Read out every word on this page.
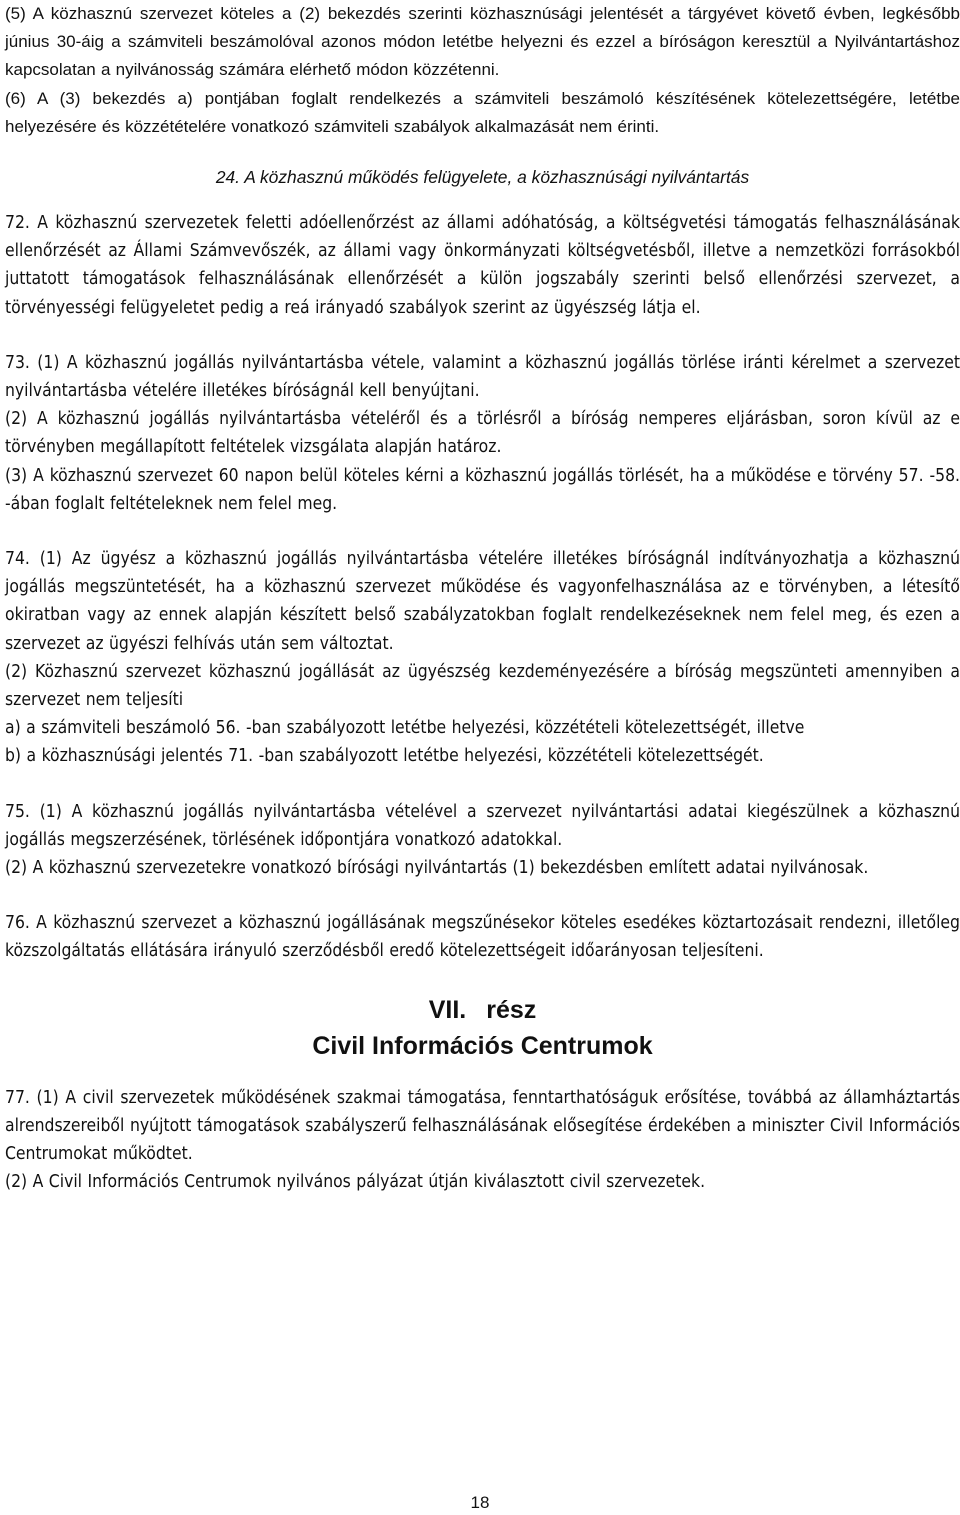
(5) A közhasznú szervezet köteles a (2) bekezdés szerinti közhasznúsági jelentését a tárgyévet követő évben, legkésőbb június 30-áig a számviteli beszámolóval azonos módon letétbe helyezni és ezzel a bíróságon keresztül a Nyilvántartáshoz kapcsolatan a nyilvánosság számára elérhető módon közzétenni.

(6) A (3) bekezdés a) pontjában foglalt rendelkezés a számviteli beszámoló készítésének kötelezettségére, letétbe helyezésére és közzétételére vonatkozó számviteli szabályok alkalmazását nem érinti.

24. A közhasznú működés felügyelete, a közhasznúsági nyilvántartás

72. A közhasznú szervezetek feletti adóellenőrzést az állami adóhatóság, a költségvetési támogatás felhasználásának ellenőrzését az Állami Számvevőszék, az állami vagy önkormányzati költségvetésből, illetve a nemzetközi forrásokból juttatott támogatások felhasználásának ellenőrzését a külön jogszabály szerinti belső ellenőrzési szervezet, a törvényességi felügyeletet pedig a reá irányadó szabályok szerint az ügyészség látja el.

73. (1) A közhasznú jogállás nyilvántartásba vétele, valamint a közhasznú jogállás törlése iránti kérelmet a szervezet nyilvántartásba vételére illetékes bíróságnál kell benyújtani.

(2) A közhasznú jogállás nyilvántartásba vételéről és a törlésről a bíróság nemperes eljárásban, soron kívül az e törvényben megállapított feltételek vizsgálata alapján határoz.

(3) A közhasznú szervezet 60 napon belül köteles kérni a közhasznú jogállás törlését, ha a működése e törvény 57. -58. -ában foglalt feltételeknek nem felel meg.

74. (1) Az ügyész a közhasznú jogállás nyilvántartásba vételére illetékes bíróságnál indítványozhatja a közhasznú jogállás megszüntetését, ha a közhasznú szervezet működése és vagyonfelhasználása az e törvényben, a létesítő okiratban vagy az ennek alapján készített belső szabályzatokban foglalt rendelkezéseknek nem felel meg, és ezen a szervezet az ügyészi felhívás után sem változtat.

(2) Közhasznú szervezet közhasznú jogállását az ügyészség kezdeményezésére a bíróság megszünteti amennyiben a szervezet nem teljesíti

a) a számviteli beszámoló 56. -ban szabályozott letétbe helyezési, közzétételi kötelezettségét, illetve

b) a közhasznúsági jelentés 71. -ban szabályozott letétbe helyezési, közzétételi kötelezettségét.

75. (1) A közhasznú jogállás nyilvántartásba vételével a szervezet nyilvántartási adatai kiegészülnek a közhasznú jogállás megszerzésének, törlésének időpontjára vonatkozó adatokkal.

(2) A közhasznú szervezetekre vonatkozó bírósági nyilvántartás (1) bekezdésben említett adatai nyilvánosak.

76. A közhasznú szervezet a közhasznú jogállásának megszűnésekor köteles esedékes köztartozásait rendezni, illetőleg közszolgáltatás ellátására irányuló szerződésből eredő kötelezettségeit időarányosan teljesíteni.

VII. rész
Civil Információs Centrumok

77. (1) A civil szervezetek működésének szakmai támogatása, fenntarthatóságuk erősítése, továbbá az államháztartás alrendszereiből nyújtott támogatások szabályszerű felhasználásának elősegítése érdekében a miniszter Civil Információs Centrumokat működtet.

(2) A Civil Információs Centrumok nyilvános pályázat útján kiválasztott civil szervezetek.

18
